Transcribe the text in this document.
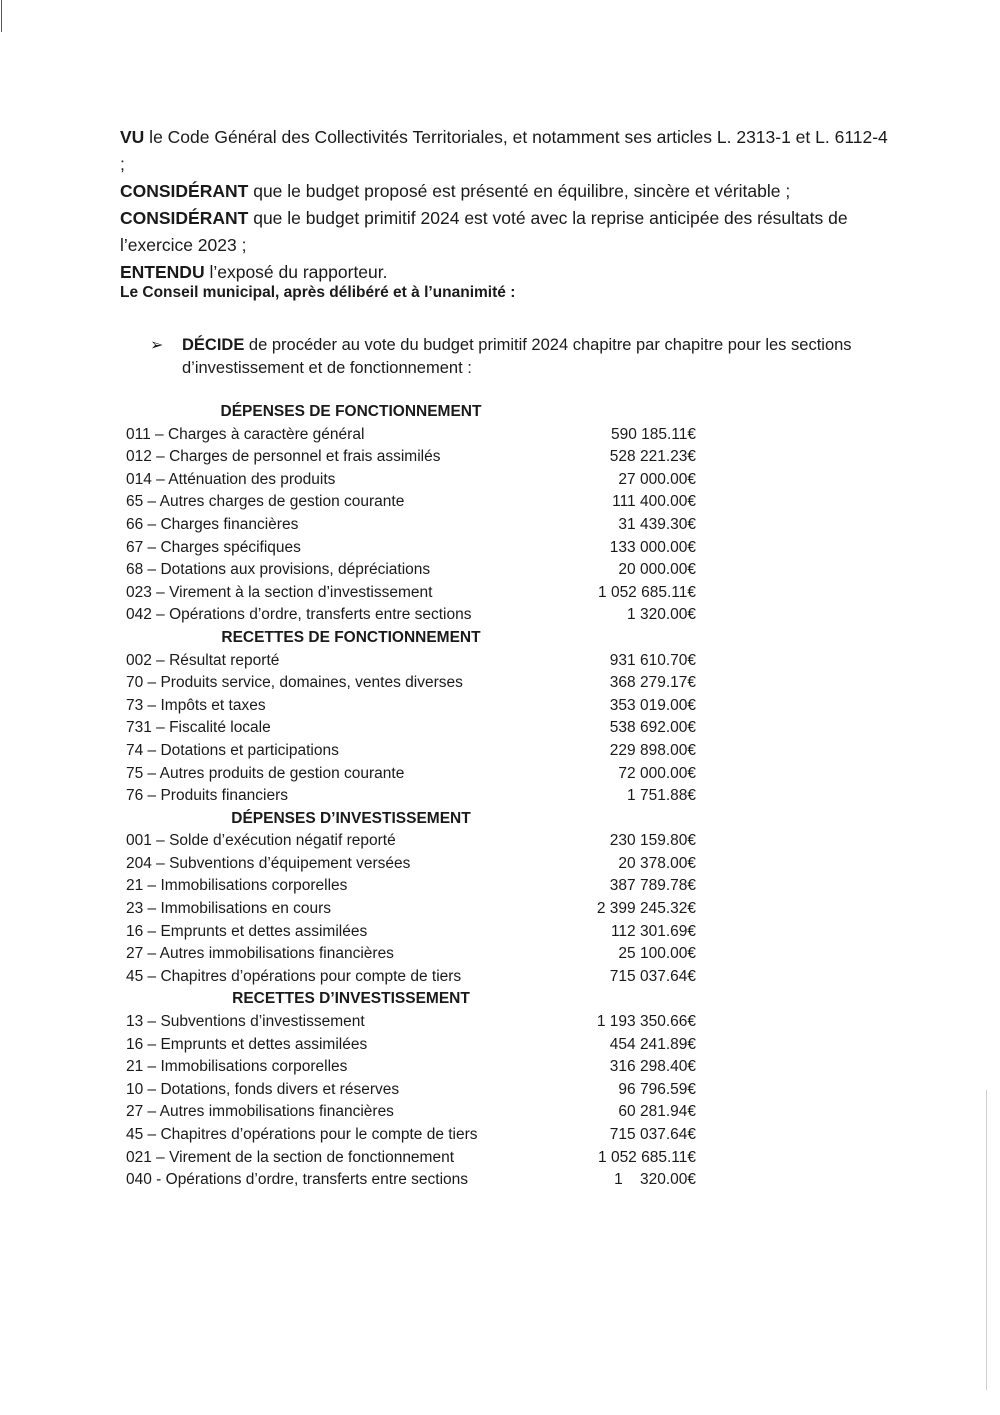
VU le Code Général des Collectivités Territoriales, et notamment ses articles L. 2313-1 et L. 6112-4 ;

CONSIDÉRANT que le budget proposé est présenté en équilibre, sincère et véritable ;

CONSIDÉRANT que le budget primitif 2024 est voté avec la reprise anticipée des résultats de l’exercice 2023 ;

ENTENDU l’exposé du rapporteur.

Le Conseil municipal, après délibéré et à l’unanimité :
➢ DÉCIDE de procéder au vote du budget primitif 2024 chapitre par chapitre pour les sections d’investissement et de fonctionnement :
DÉPENSES DE FONCTIONNEMENT
011 – Charges à caractère général	590 185.11€
012 – Charges de personnel et frais assimilés	528 221.23€
014 – Atténuation des produits	27 000.00€
65 – Autres charges de gestion courante	111 400.00€
66 – Charges financières	31 439.30€
67 – Charges spécifiques	133 000.00€
68 – Dotations aux provisions, dépréciations	20 000.00€
023 – Virement à la section d’investissement	1 052 685.11€
042 – Opérations d’ordre, transferts entre sections	1 320.00€
RECETTES DE FONCTIONNEMENT
002 – Résultat reporté	931 610.70€
70 – Produits service, domaines, ventes diverses	368 279.17€
73 – Impôts et taxes	353 019.00€
731 – Fiscalité locale	538 692.00€
74 – Dotations et participations	229 898.00€
75 – Autres produits de gestion courante	72 000.00€
76 – Produits financiers	1 751.88€
DÉPENSES D’INVESTISSEMENT
001 – Solde d’exécution négatif reporté	230 159.80€
204 – Subventions d’équipement versées	20 378.00€
21 – Immobilisations corporelles	387 789.78€
23 – Immobilisations en cours	2 399 245.32€
16 – Emprunts et dettes assimilées	112 301.69€
27 – Autres immobilisations financières	25 100.00€
45 – Chapitres d’opérations pour compte de tiers	715 037.64€
RECETTES D’INVESTISSEMENT
13 – Subventions d’investissement	1 193 350.66€
16 – Emprunts et dettes assimilées	454 241.89€
21 – Immobilisations corporelles	316 298.40€
10 – Dotations, fonds divers et réserves	96 796.59€
27 – Autres immobilisations financières	60 281.94€
45 – Chapitres d’opérations pour le compte de tiers	715 037.64€
021 – Virement de la section de fonctionnement	1 052 685.11€
040 - Opérations d’ordre, transferts entre sections	1    320.00€
